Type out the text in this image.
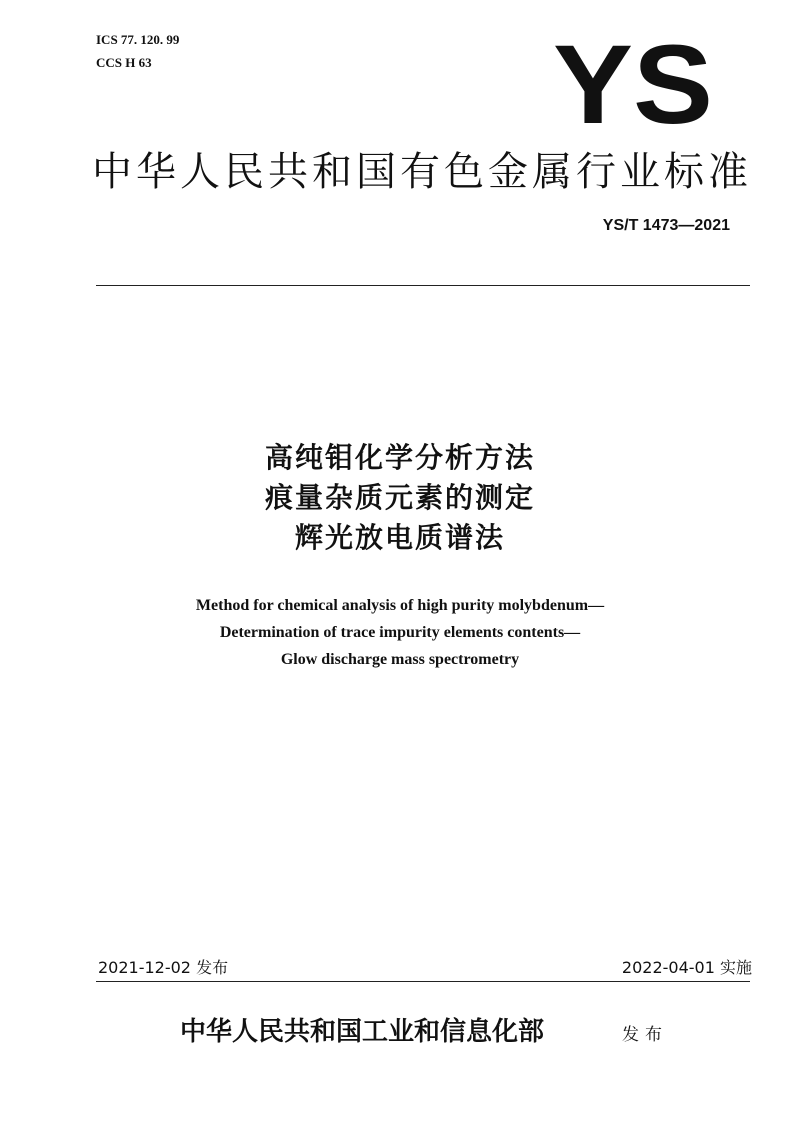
ICS 77. 120. 99
CCS H 63	YS
中华人民共和国有色金属行业标准
YS/T 1473—2021
高纯钼化学分析方法
痕量杂质元素的测定
辉光放电质谱法
Method for chemical analysis of high purity molybdenum—
Determination of trace impurity elements contents—
Glow discharge mass spectrometry
2021-12-02 发布	2022-04-01 实施
中华人民共和国工业和信息化部	发布
